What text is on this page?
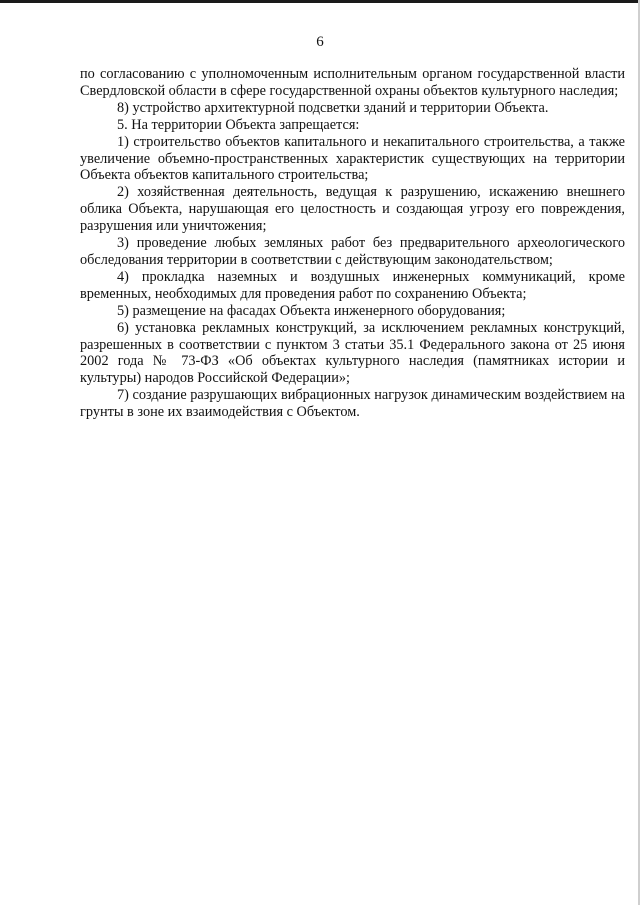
6

по согласованию с уполномоченным исполнительным органом государственной власти Свердловской области в сфере государственной охраны объектов культурного наследия;

8) устройство архитектурной подсветки зданий и территории Объекта.

5. На территории Объекта запрещается:

1) строительство объектов капитального и некапитального строительства, а также увеличение объемно-пространственных характеристик существующих на территории Объекта объектов капитального строительства;

2) хозяйственная деятельность, ведущая к разрушению, искажению внешнего облика Объекта, нарушающая его целостность и создающая угрозу его повреждения, разрушения или уничтожения;

3) проведение любых земляных работ без предварительного археологического обследования территории в соответствии с действующим законодательством;

4) прокладка наземных и воздушных инженерных коммуникаций, кроме временных, необходимых для проведения работ по сохранению Объекта;

5) размещение на фасадах Объекта инженерного оборудования;

6) установка рекламных конструкций, за исключением рекламных конструкций, разрешенных в соответствии с пунктом 3 статьи 35.1 Федерального закона от 25 июня 2002 года № 73-ФЗ «Об объектах культурного наследия (памятниках истории и культуры) народов Российской Федерации»;

7) создание разрушающих вибрационных нагрузок динамическим воздействием на грунты в зоне их взаимодействия с Объектом.
